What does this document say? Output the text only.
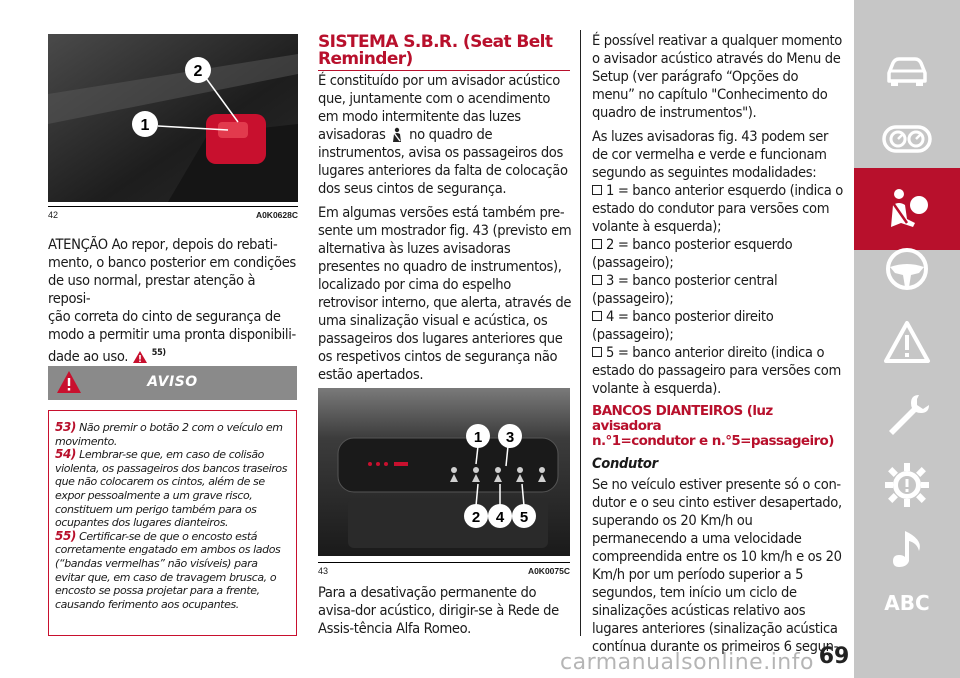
2
1
42	A0K0628C
ATENÇÃO Ao repor, depois do rebati-
mento, o banco posterior em condições
de uso normal, prestar atenção à reposi-
ção correta do cinto de segurança de
modo a permitir uma pronta disponibili-
dade ao uso.	$^{55)}$
AVISO
53) Não premir o botão 2 com o veículo em movimento.
54) Lembrar-se que, em caso de colisão violenta, os passageiros dos bancos traseiros que não colocarem os cintos, além de se expor pessoalmente a um grave risco, constituem um perigo também para os ocupantes dos lugares dianteiros.
55) Certificar-se de que o encosto está corretamente engatado em ambos os lados (“bandas vermelhas” não visíveis) para evitar que, em caso de travagem brusca, o encosto se possa projetar para a frente, causando ferimento aos ocupantes.
SISTEMA S.B.R. (Seat Belt
Reminder)

É constituído por um avisador acústico que, juntamente com o acendimento em modo intermitente das luzes avisadoras no quadro de instrumentos, avisa os passageiros dos lugares anteriores da falta de colocação dos seus cintos de segurança.

Em algumas versões está também pre-sente um mostrador fig. 43 (previsto em alternativa às luzes avisadoras presentes no quadro de instrumentos), localizado por cima do espelho retrovisor interno, que alerta, através de uma sinalização visual e acústica, os passageiros dos lugares anteriores que os respetivos cintos de segurança não estão apertados.

1 3
2 4 5
43	A0K0075C

Para a desativação permanente do avisa-dor acústico, dirigir-se à Rede de Assis-tência Alfa Romeo.

É possível reativar a qualquer momento o avisador acústico através do Menu de Setup (ver parágrafo “Opções do menu” no capítulo "Conhecimento do quadro de instrumentos").

As luzes avisadoras fig. 43 podem ser de cor vermelha e verde e funcionam segundo as seguintes modalidades:

1 = banco anterior esquerdo (indica o estado do condutor para versões com volante à esquerda);
2 = banco posterior esquerdo (passageiro);
3 = banco posterior central (passageiro);
4 = banco posterior direito (passageiro);
5 = banco anterior direito (indica o estado do passageiro para versões com volante à esquerda).
BANCOS DIANTEIROS (luz avisadora
n.°1=condutor e n.°5=passageiro)
Condutor

Se no veículo estiver presente só o con-dutor e o seu cinto estiver desapertado, superando os 20 Km/h ou permanecendo a uma velocidade compreendida entre os 10 km/h e os 20 Km/h por um período superior a 5 segundos, tem início um ciclo de sinalizações acústicas relativo aos lugares anteriores (sinalização acústica contínua durante os primeiros 6 segun-

ABC
carmanualsonline.info 69
